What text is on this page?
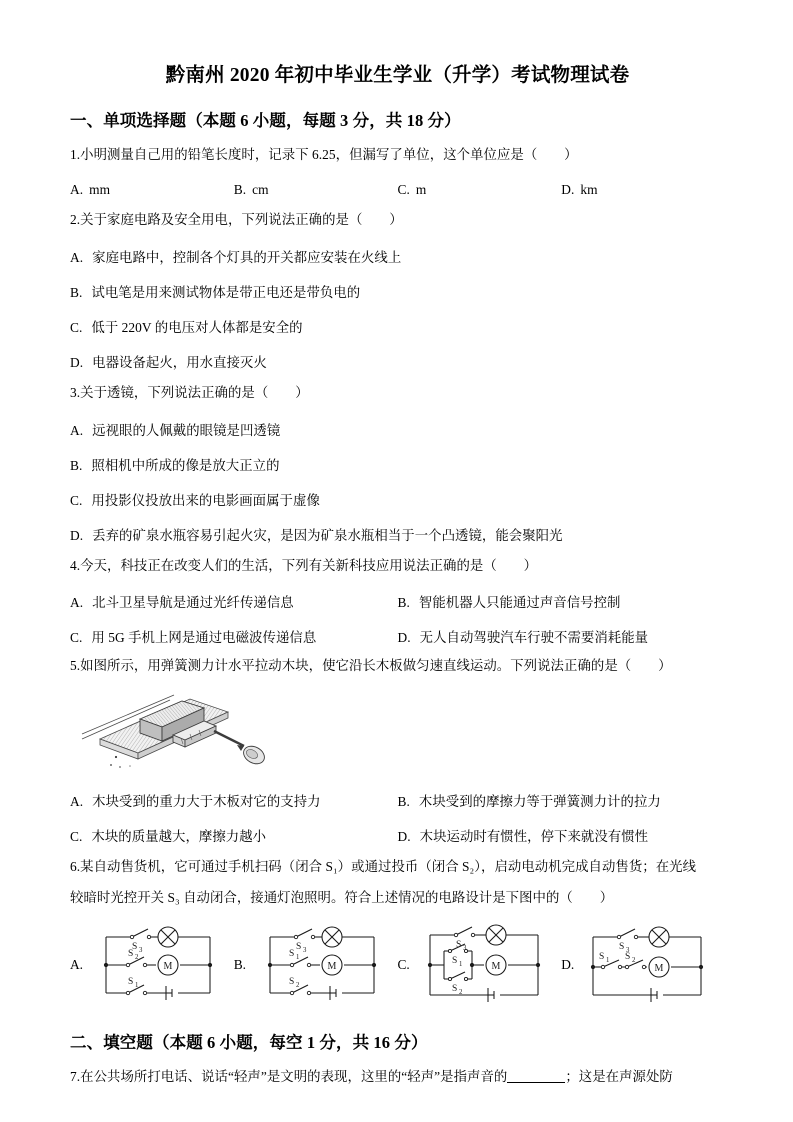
黔南州 2020 年初中毕业生学业（升学）考试物理试卷
一、单项选择题（本题 6 小题，每题 3 分，共 18 分）
1.小明测量自己用的铅笔长度时，记录下 6.25，但漏写了单位，这个单位应是（　　）
A. mm	B. cm	C. m	D. km
2.关于家庭电路及安全用电，下列说法正确的是（　　）
A. 家庭电路中，控制各个灯具的开关都应安装在火线上
B. 试电笔是用来测试物体是带正电还是带负电的
C. 低于 220V 的电压对人体都是安全的
D. 电器设备起火，用水直接灭火
3.关于透镜，下列说法正确的是（　　）
A. 远视眼的人佩戴的眼镜是凹透镜
B. 照相机中所成的像是放大正立的
C. 用投影仪投放出来的电影画面属于虚像
D. 丢弃的矿泉水瓶容易引起火灾，是因为矿泉水瓶相当于一个凸透镜，能会聚阳光
4.今天，科技正在改变人们的生活，下列有关新科技应用说法正确的是（　　）
A. 北斗卫星导航是通过光纤传递信息	B. 智能机器人只能通过声音信号控制
C. 用 5G 手机上网是通过电磁波传递信息	D. 无人自动驾驶汽车行驶不需要消耗能量
5.如图所示，用弹簧测力计水平拉动木块，使它沿长木板做匀速直线运动。下列说法正确的是（　　）
A. 木块受到的重力大于木板对它的支持力	B. 木块受到的摩擦力等于弹簧测力计的拉力
C. 木块的质量越大，摩擦力越小	D. 木块运动时有惯性，停下来就没有惯性
6.某自动售货机，它可通过手机扫码（闭合 S₁）或通过投币（闭合 S₂），启动电动机完成自动售货；在光线
较暗时光控开关 S₃ 自动闭合，接通灯泡照明。符合上述情况的电路设计是下图中的（　　）
A.
S 3
S 2
S 1
M	B.
S 3
S 1
S 2
M	C.
S 3
S 1
S 2
M	D.
S 3
S 1 S 2
M
二、填空题（本题 6 小题，每空 1 分，共 16 分）
7.在公共场所打电话、说话“轻声”是文明的表现，这里的“轻声”是指声音的	；这是在声源处防
